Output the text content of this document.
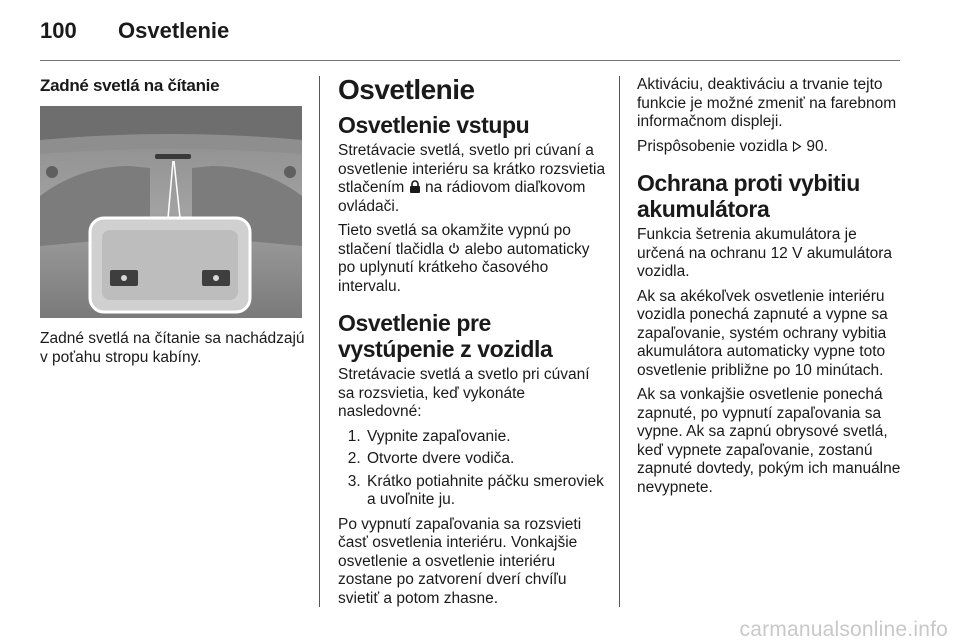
100 Osvetlenie
Zadné svetlá na čítanie

Zadné svetlá na čítanie sa nachádzajú v poťahu stropu kabíny.

Osvetlenie
Osvetlenie vstupu

Stretávacie svetlá, svetlo pri cúvaní a osvetlenie interiéru sa krátko rozsvietia stlačením na rádiovom diaľkovom ovládači.

Tieto svetlá sa okamžite vypnú po stlačení tlačidla alebo automaticky po uplynutí krátkeho časového intervalu.

Osvetlenie pre vystúpenie z vozidla

Stretávacie svetlá a svetlo pri cúvaní sa rozsvietia, keď vykonáte nasledovné:

1. Vypnite zapaľovanie.
2. Otvorte dvere vodiča.
3. Krátko potiahnite páčku smeroviek a uvoľnite ju.

Po vypnutí zapaľovania sa rozsvieti časť osvetlenia interiéru. Vonkajšie osvetlenie a osvetlenie interiéru zostane po zatvorení dverí chvíľu svietiť a potom zhasne.

Aktiváciu, deaktiváciu a trvanie tejto funkcie je možné zmeniť na farebnom informačnom displeji.

Prispôsobenie vozidla 90.

Ochrana proti vybitiu akumulátora

Funkcia šetrenia akumulátora je určená na ochranu 12 V akumulátora vozidla.

Ak sa akékoľvek osvetlenie interiéru vozidla ponechá zapnuté a vypne sa zapaľovanie, systém ochrany vybitia akumulátora automaticky vypne toto osvetlenie približne po 10 minútach.

Ak sa vonkajšie osvetlenie ponechá zapnuté, po vypnutí zapaľovania sa vypne. Ak sa zapnú obrysové svetlá, keď vypnete zapaľovanie, zostanú zapnuté dovtedy, pokým ich manuálne nevypnete.

carmanualsonline.info
